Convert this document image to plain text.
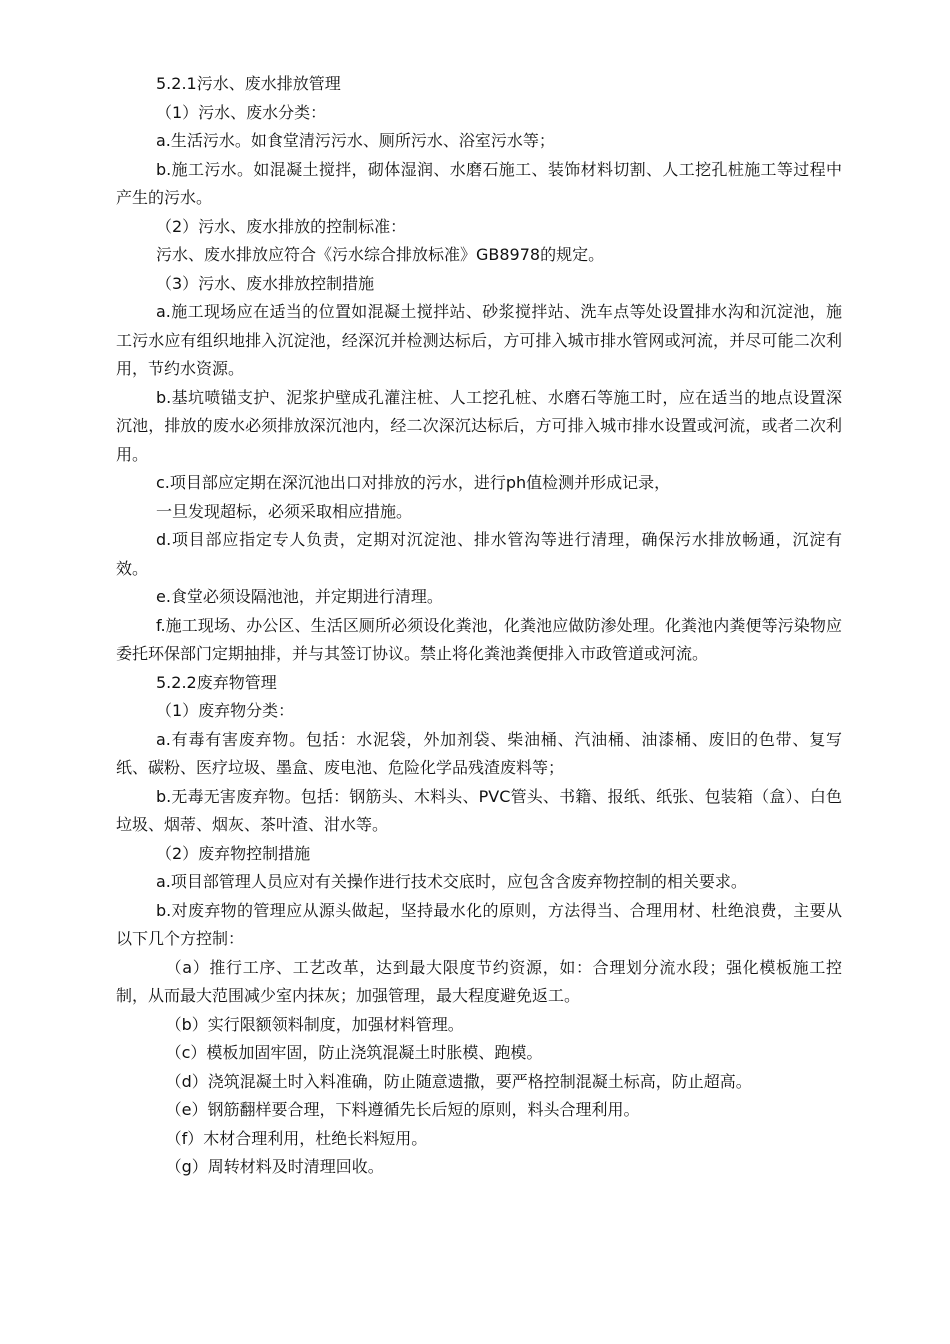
5.2.1污水、废水排放管理

（1）污水、废水分类：

a.生活污水。如食堂清污污水、厕所污水、浴室污水等；

b.施工污水。如混凝土搅拌，砌体湿润、水磨石施工、装饰材料切割、人工挖孔桩施工等过程中产生的污水。

（2）污水、废水排放的控制标准：

污水、废水排放应符合《污水综合排放标准》GB8978的规定。

（3）污水、废水排放控制措施

a.施工现场应在适当的位置如混凝土搅拌站、砂浆搅拌站、洗车点等处设置排水沟和沉淀池，施工污水应有组织地排入沉淀池，经深沉并检测达标后，方可排入城市排水管网或河流，并尽可能二次利用，节约水资源。

b.基坑喷锚支护、泥浆护壁成孔灌注桩、人工挖孔桩、水磨石等施工时，应在适当的地点设置深沉池，排放的废水必须排放深沉池内，经二次深沉达标后，方可排入城市排水设置或河流，或者二次利用。

c.项目部应定期在深沉池出口对排放的污水，进行ph值检测并形成记录，

一旦发现超标，必须采取相应措施。

d.项目部应指定专人负责，定期对沉淀池、排水管沟等进行清理，确保污水排放畅通，沉淀有效。

e.食堂必须设隔池池，并定期进行清理。

f.施工现场、办公区、生活区厕所必须设化粪池，化粪池应做防渗处理。化粪池内粪便等污染物应委托环保部门定期抽排，并与其签订协议。禁止将化粪池粪便排入市政管道或河流。

5.2.2废弃物管理

（1）废弃物分类：

a.有毒有害废弃物。包括：水泥袋，外加剂袋、柴油桶、汽油桶、油漆桶、废旧的色带、复写纸、碳粉、医疗垃圾、墨盒、废电池、危险化学品残渣废料等；

b.无毒无害废弃物。包括：钢筋头、木料头、PVC管头、书籍、报纸、纸张、包装箱（盒）、白色垃圾、烟蒂、烟灰、茶叶渣、泔水等。

（2）废弃物控制措施

a.项目部管理人员应对有关操作进行技术交底时，应包含含废弃物控制的相关要求。

b.对废弃物的管理应从源头做起，坚持最水化的原则，方法得当、合理用材、杜绝浪费，主要从以下几个方控制：

（a）推行工序、工艺改革，达到最大限度节约资源，如：合理划分流水段；强化模板施工控制，从而最大范围减少室内抹灰；加强管理，最大程度避免返工。

（b）实行限额领料制度，加强材料管理。

（c）模板加固牢固，防止浇筑混凝土时胀模、跑模。

（d）浇筑混凝土时入料准确，防止随意遗撒，要严格控制混凝土标高，防止超高。

（e）钢筋翻样要合理，下料遵循先长后短的原则，料头合理利用。

（f）木材合理利用，杜绝长料短用。

（g）周转材料及时清理回收。
